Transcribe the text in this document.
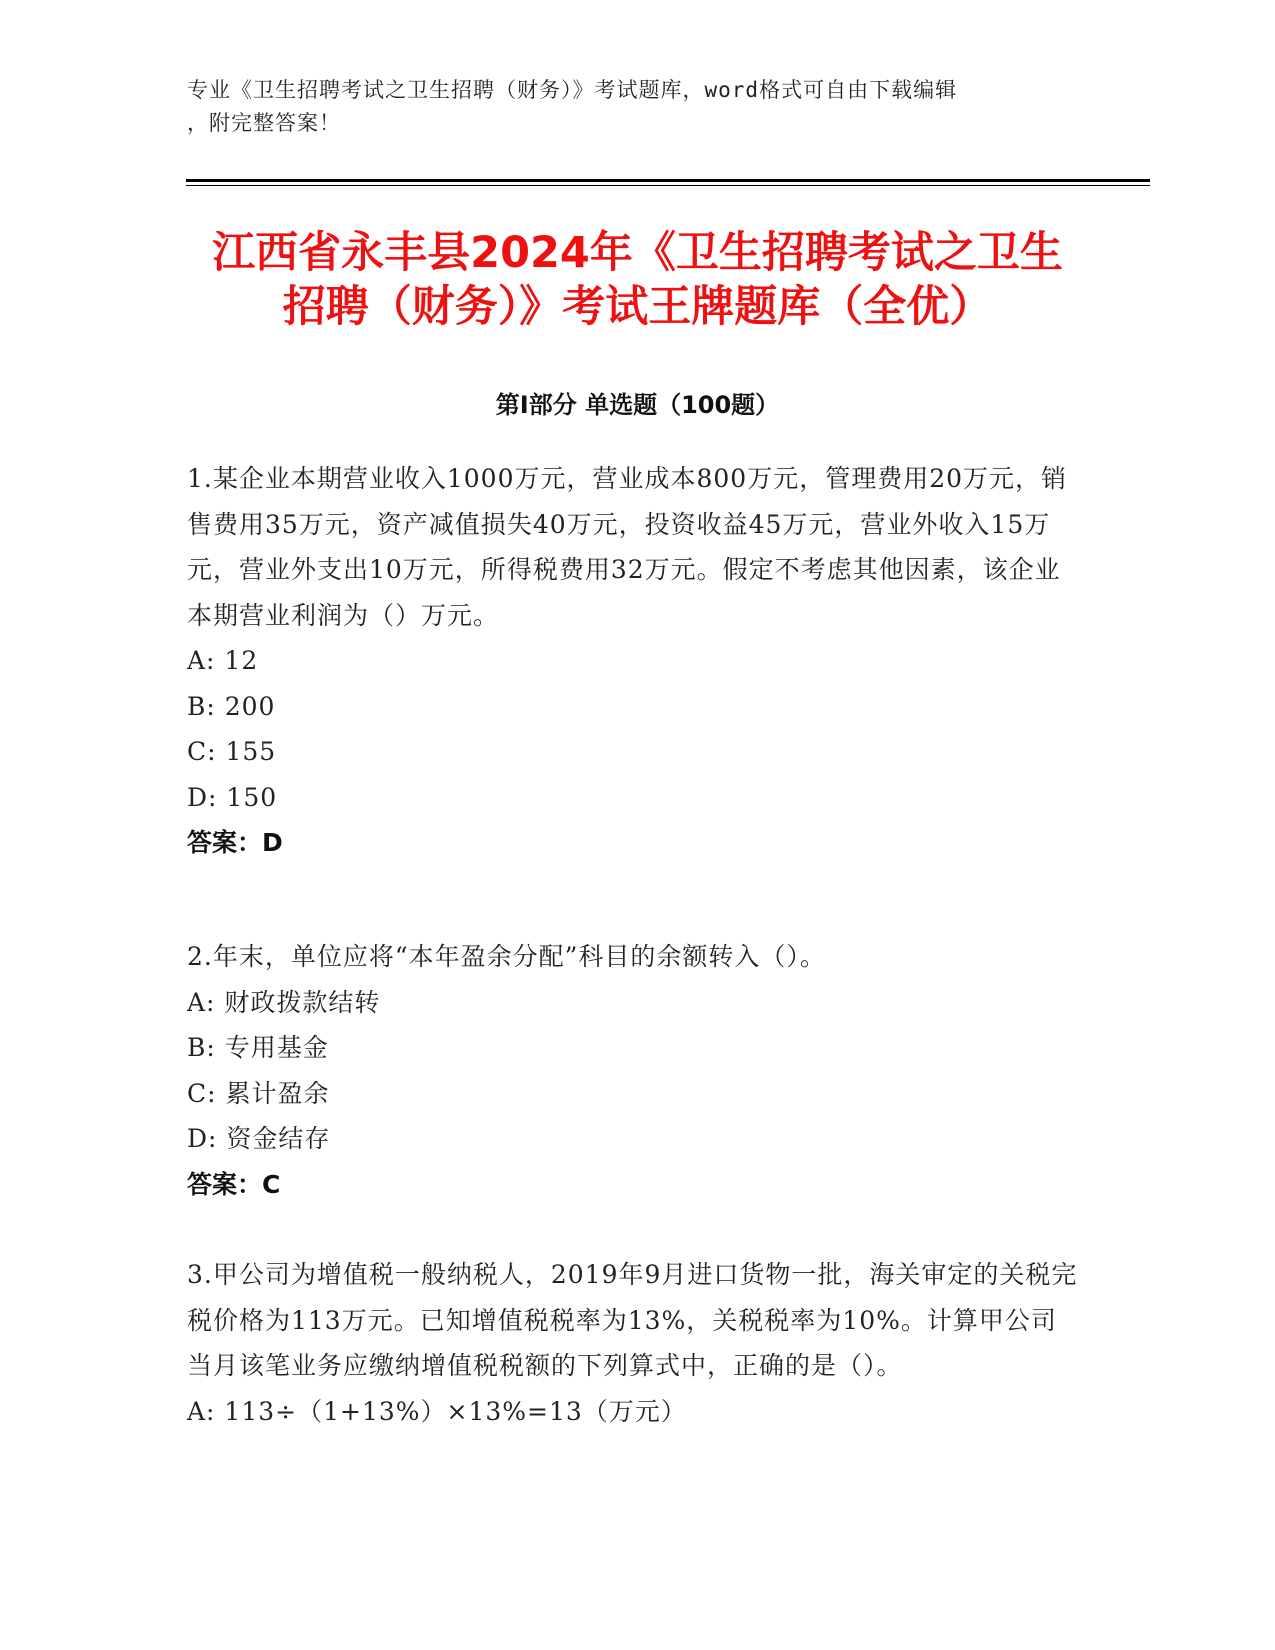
专业《卫生招聘考试之卫生招聘（财务）》考试题库，word格式可自由下载编辑
，附完整答案！
江西省永丰县2024年《卫生招聘考试之卫生
招聘（财务）》考试王牌题库（全优）
第Ⅰ部分 单选题（100题）

1.某企业本期营业收入1000万元，营业成本800万元，管理费用20万元，销售费用35万元，资产减值损失40万元，投资收益45万元，营业外收入15万元，营业外支出10万元，所得税费用32万元。假定不考虑其他因素，该企业本期营业利润为（）万元。

A: 12

B: 200

C: 155

D: 150

答案：D

2.年末，单位应将“本年盈余分配”科目的余额转入（）。

A: 财政拨款结转

B: 专用基金

C: 累计盈余

D: 资金结存

答案：C

3.甲公司为增值税一般纳税人，2019年9月进口货物一批，海关审定的关税完税价格为113万元。已知增值税税率为13%，关税税率为10%。计算甲公司当月该笔业务应缴纳增值税税额的下列算式中，正确的是（）。

A: 113÷（1+13%）×13%=13（万元）
